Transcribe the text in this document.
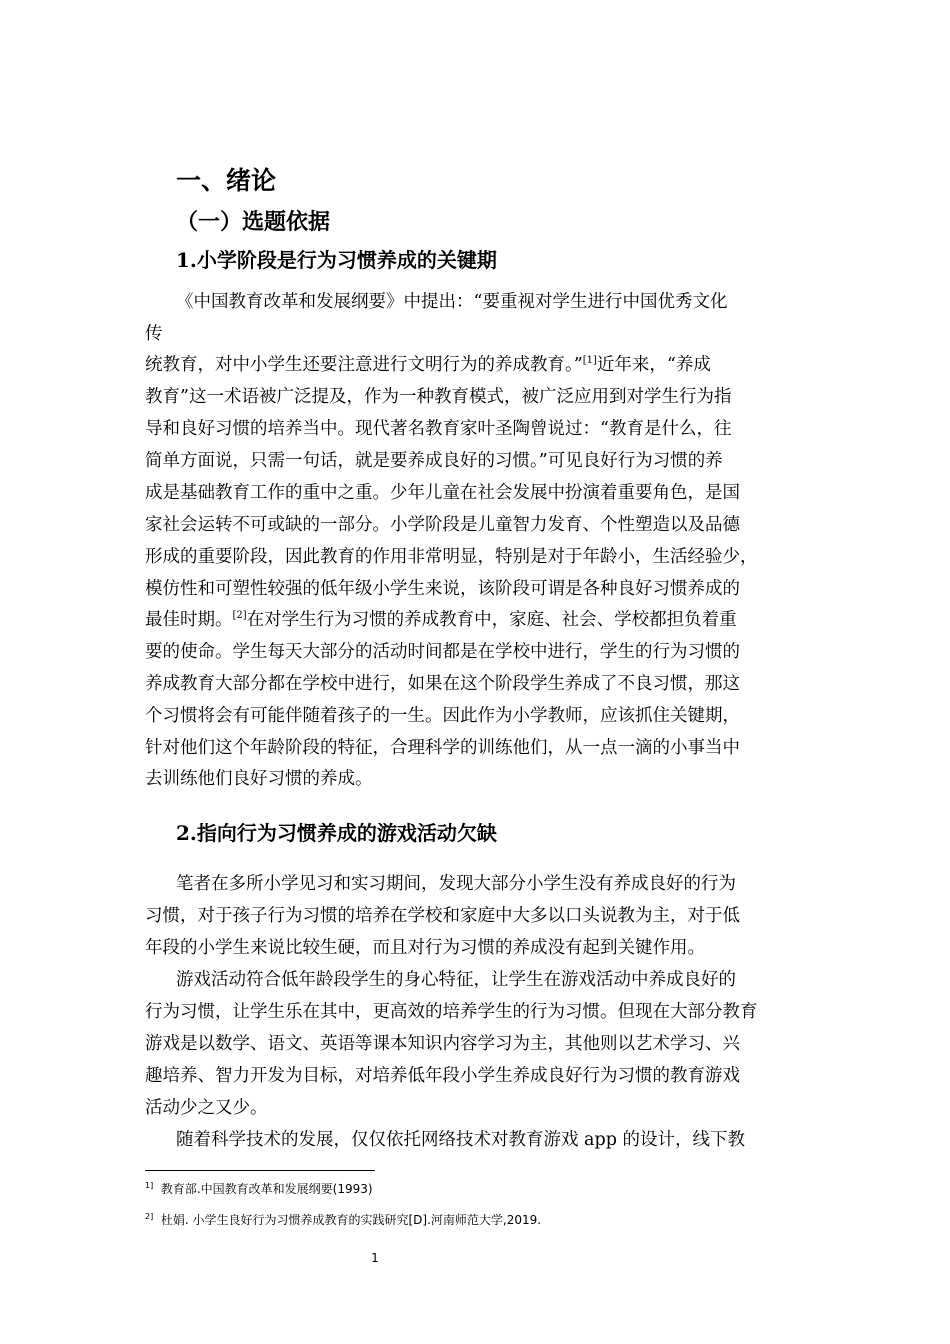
一、绪论
（一）选题依据
1.小学阶段是行为习惯养成的关键期
《中国教育改革和发展纲要》中提出：“要重视对学生进行中国优秀文化
传
统教育，对中小学生还要注意进行文明行为的养成教育。”[1]近年来，“养成
教育”这一术语被广泛提及，作为一种教育模式，被广泛应用到对学生行为指
导和良好习惯的培养当中。现代著名教育家叶圣陶曾说过：“教育是什么，往
简单方面说，只需一句话，就是要养成良好的习惯。”可见良好行为习惯的养
成是基础教育工作的重中之重。少年儿童在社会发展中扮演着重要角色，是国
家社会运转不可或缺的一部分。小学阶段是儿童智力发育、个性塑造以及品德
形成的重要阶段，因此教育的作用非常明显，特别是对于年龄小，生活经验少，
模仿性和可塑性较强的低年级小学生来说，该阶段可谓是各种良好习惯养成的
最佳时期。[2]在对学生行为习惯的养成教育中，家庭、社会、学校都担负着重
要的使命。学生每天大部分的活动时间都是在学校中进行，学生的行为习惯的
养成教育大部分都在学校中进行，如果在这个阶段学生养成了不良习惯，那这
个习惯将会有可能伴随着孩子的一生。因此作为小学教师，应该抓住关键期，
针对他们这个年龄阶段的特征，合理科学的训练他们，从一点一滴的小事当中
去训练他们良好习惯的养成。
2.指向行为习惯养成的游戏活动欠缺
笔者在多所小学见习和实习期间，发现大部分小学生没有养成良好的行为
习惯，对于孩子行为习惯的培养在学校和家庭中大多以口头说教为主，对于低
年段的小学生来说比较生硬，而且对行为习惯的养成没有起到关键作用。
游戏活动符合低年龄段学生的身心特征，让学生在游戏活动中养成良好的
行为习惯，让学生乐在其中，更高效的培养学生的行为习惯。但现在大部分教育
游戏是以数学、语文、英语等课本知识内容学习为主，其他则以艺术学习、兴
趣培养、智力开发为目标，对培养低年段小学生养成良好行为习惯的教育游戏
活动少之又少。
随着科学技术的发展，仅仅依托网络技术对教育游戏 app 的设计，线下教
$^{1]}$ 教育部.中国教育改革和发展纲要(1993)
$^{2]}$ 杜娟. 小学生良好行为习惯养成教育的实践研究[D].河南师范大学,2019.
1
